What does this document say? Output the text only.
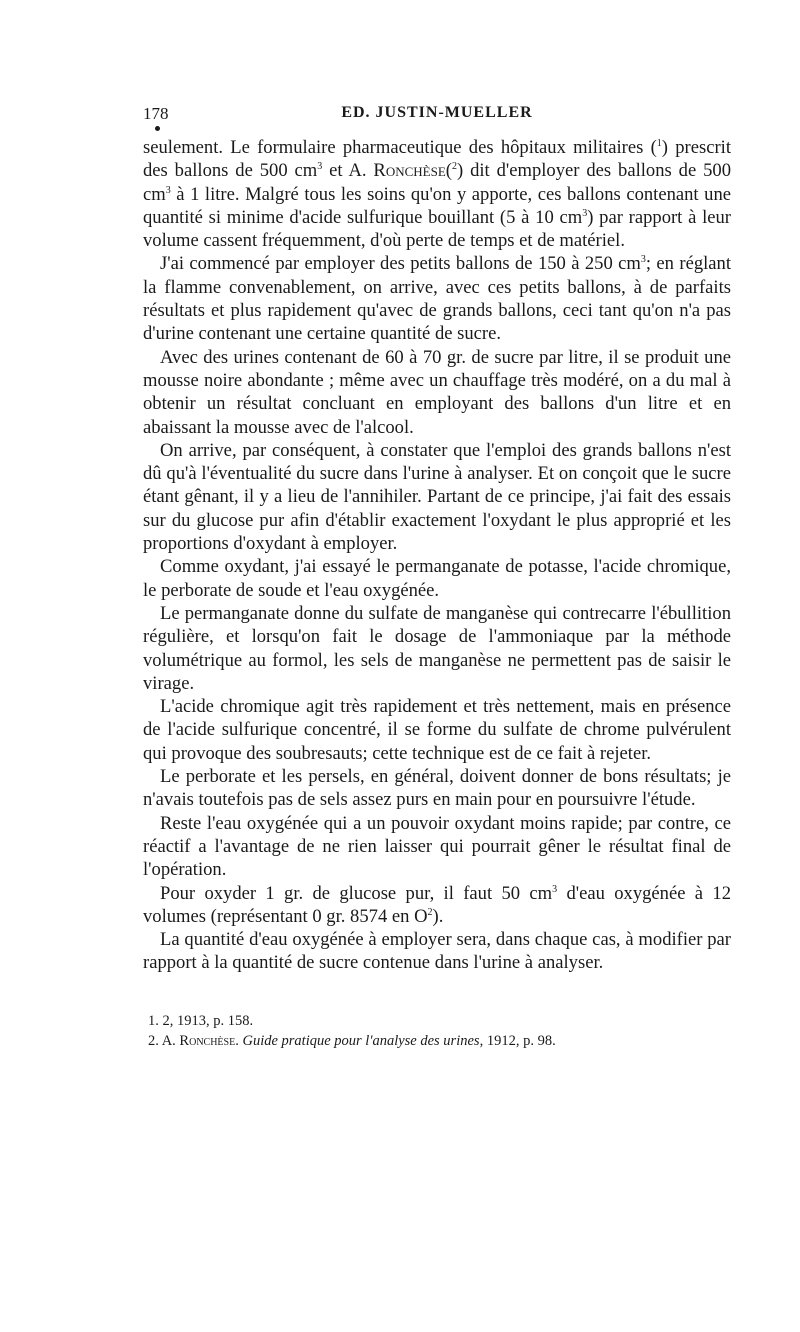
178	ED. JUSTIN-MUELLER

seulement. Le formulaire pharmaceutique des hôpitaux militaires ($^1$) prescrit des ballons de 500 $cm^3$ et A. Ronchèse($^2$) dit d'employer des ballons de 500 $cm^3$ à 1 litre. Malgré tous les soins qu'on y apporte, ces ballons contenant une quantité si minime d'acide sulfurique bouillant (5 à 10 $cm^3$) par rapport à leur volume cassent fréquemment, d'où perte de temps et de matériel.

J'ai commencé par employer des petits ballons de 150 à 250 $cm^3$; en réglant la flamme convenablement, on arrive, avec ces petits ballons, à de parfaits résultats et plus rapidement qu'avec de grands ballons, ceci tant qu'on n'a pas d'urine contenant une certaine quantité de sucre.

Avec des urines contenant de 60 à 70 gr. de sucre par litre, il se produit une mousse noire abondante ; même avec un chauffage très modéré, on a du mal à obtenir un résultat concluant en employant des ballons d'un litre et en abaissant la mousse avec de l'alcool.

On arrive, par conséquent, à constater que l'emploi des grands ballons n'est dû qu'à l'éventualité du sucre dans l'urine à analyser. Et on conçoit que le sucre étant gênant, il y a lieu de l'annihiler. Partant de ce principe, j'ai fait des essais sur du glucose pur afin d'établir exactement l'oxydant le plus approprié et les proportions d'oxydant à employer.

Comme oxydant, j'ai essayé le permanganate de potasse, l'acide chromique, le perborate de soude et l'eau oxygénée.

Le permanganate donne du sulfate de manganèse qui contrecarre l'ébullition régulière, et lorsqu'on fait le dosage de l'ammoniaque par la méthode volumétrique au formol, les sels de manganèse ne permettent pas de saisir le virage.

L'acide chromique agit très rapidement et très nettement, mais en présence de l'acide sulfurique concentré, il se forme du sulfate de chrome pulvérulent qui provoque des soubresauts; cette technique est de ce fait à rejeter.

Le perborate et les persels, en général, doivent donner de bons résultats; je n'avais toutefois pas de sels assez purs en main pour en poursuivre l'étude.

Reste l'eau oxygénée qui a un pouvoir oxydant moins rapide; par contre, ce réactif a l'avantage de ne rien laisser qui pourrait gêner le résultat final de l'opération.

Pour oxyder 1 gr. de glucose pur, il faut 50 $cm^3$ d'eau oxygénée à 12 volumes (représentant 0 gr. 8574 en $O^2$).

La quantité d'eau oxygénée à employer sera, dans chaque cas, à modifier par rapport à la quantité de sucre contenue dans l'urine à analyser.

1. 2, 1913, p. 158.
2. A. Ronchèse. Guide pratique pour l'analyse des urines, 1912, p. 98.
